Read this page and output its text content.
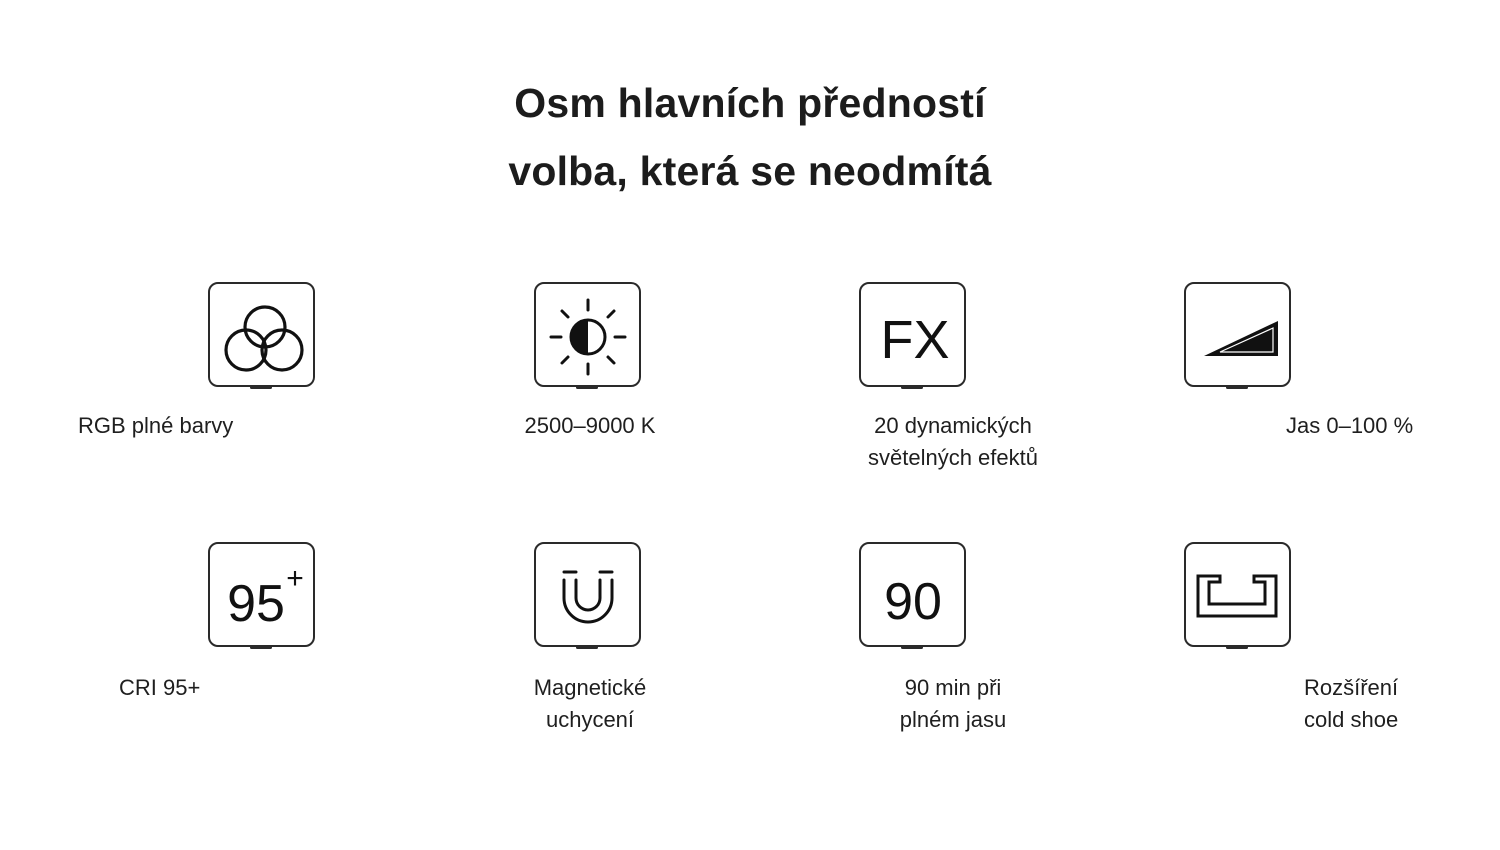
Osm hlavních předností
volba, která se neodmítá
RGB plné barvy	2500–9000 K
FX
20 dynamických
světelných efektů
Jas 0–100 %
95 +
CRI 95+	Magnetické
uchycení
90
90 min při
plném jasu
Rozšíření
cold shoe
